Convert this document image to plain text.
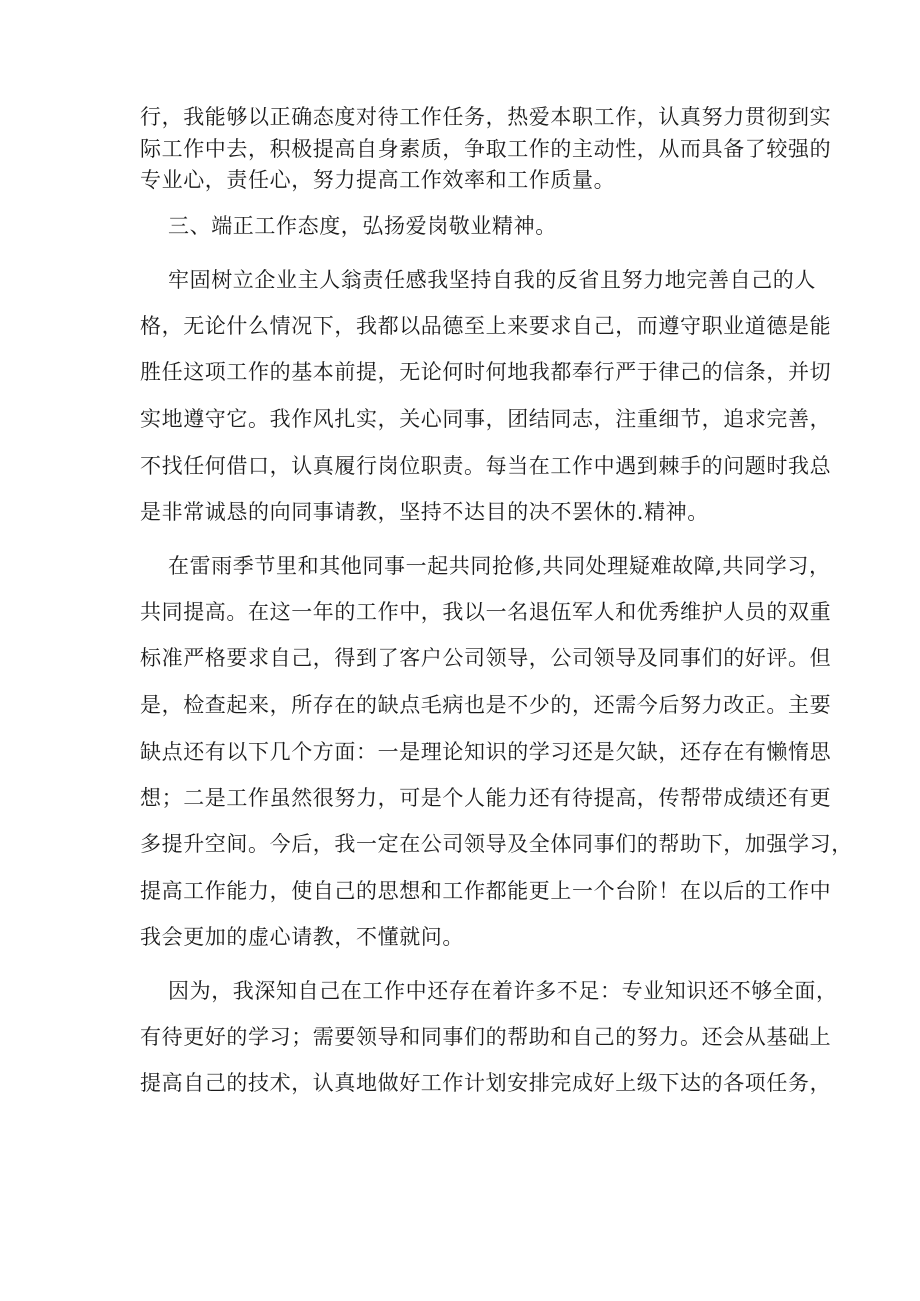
行，我能够以正确态度对待工作任务，热爱本职工作，认真努力贯彻到实
际工作中去，积极提高自身素质，争取工作的主动性，从而具备了较强的
专业心，责任心，努力提高工作效率和工作质量。
三、端正工作态度，弘扬爱岗敬业精神。
牢固树立企业主人翁责任感我坚持自我的反省且努力地完善自己的人
格，无论什么情况下，我都以品德至上来要求自己，而遵守职业道德是能
胜任这项工作的基本前提，无论何时何地我都奉行严于律己的信条，并切
实地遵守它。我作风扎实，关心同事，团结同志，注重细节，追求完善，
不找任何借口，认真履行岗位职责。每当在工作中遇到棘手的问题时我总
是非常诚恳的向同事请教，坚持不达目的决不罢休的.精神。
在雷雨季节里和其他同事一起共同抢修,共同处理疑难故障,共同学习，
共同提高。在这一年的工作中，我以一名退伍军人和优秀维护人员的双重
标准严格要求自己，得到了客户公司领导，公司领导及同事们的好评。但
是，检查起来，所存在的缺点毛病也是不少的，还需今后努力改正。主要
缺点还有以下几个方面：一是理论知识的学习还是欠缺，还存在有懒惰思
想；二是工作虽然很努力，可是个人能力还有待提高，传帮带成绩还有更
多提升空间。今后，我一定在公司领导及全体同事们的帮助下，加强学习，
提高工作能力，使自己的思想和工作都能更上一个台阶！在以后的工作中
我会更加的虚心请教，不懂就问。
因为，我深知自己在工作中还存在着许多不足：专业知识还不够全面，
有待更好的学习；需要领导和同事们的帮助和自己的努力。还会从基础上
提高自己的技术，认真地做好工作计划安排完成好上级下达的各项任务，
